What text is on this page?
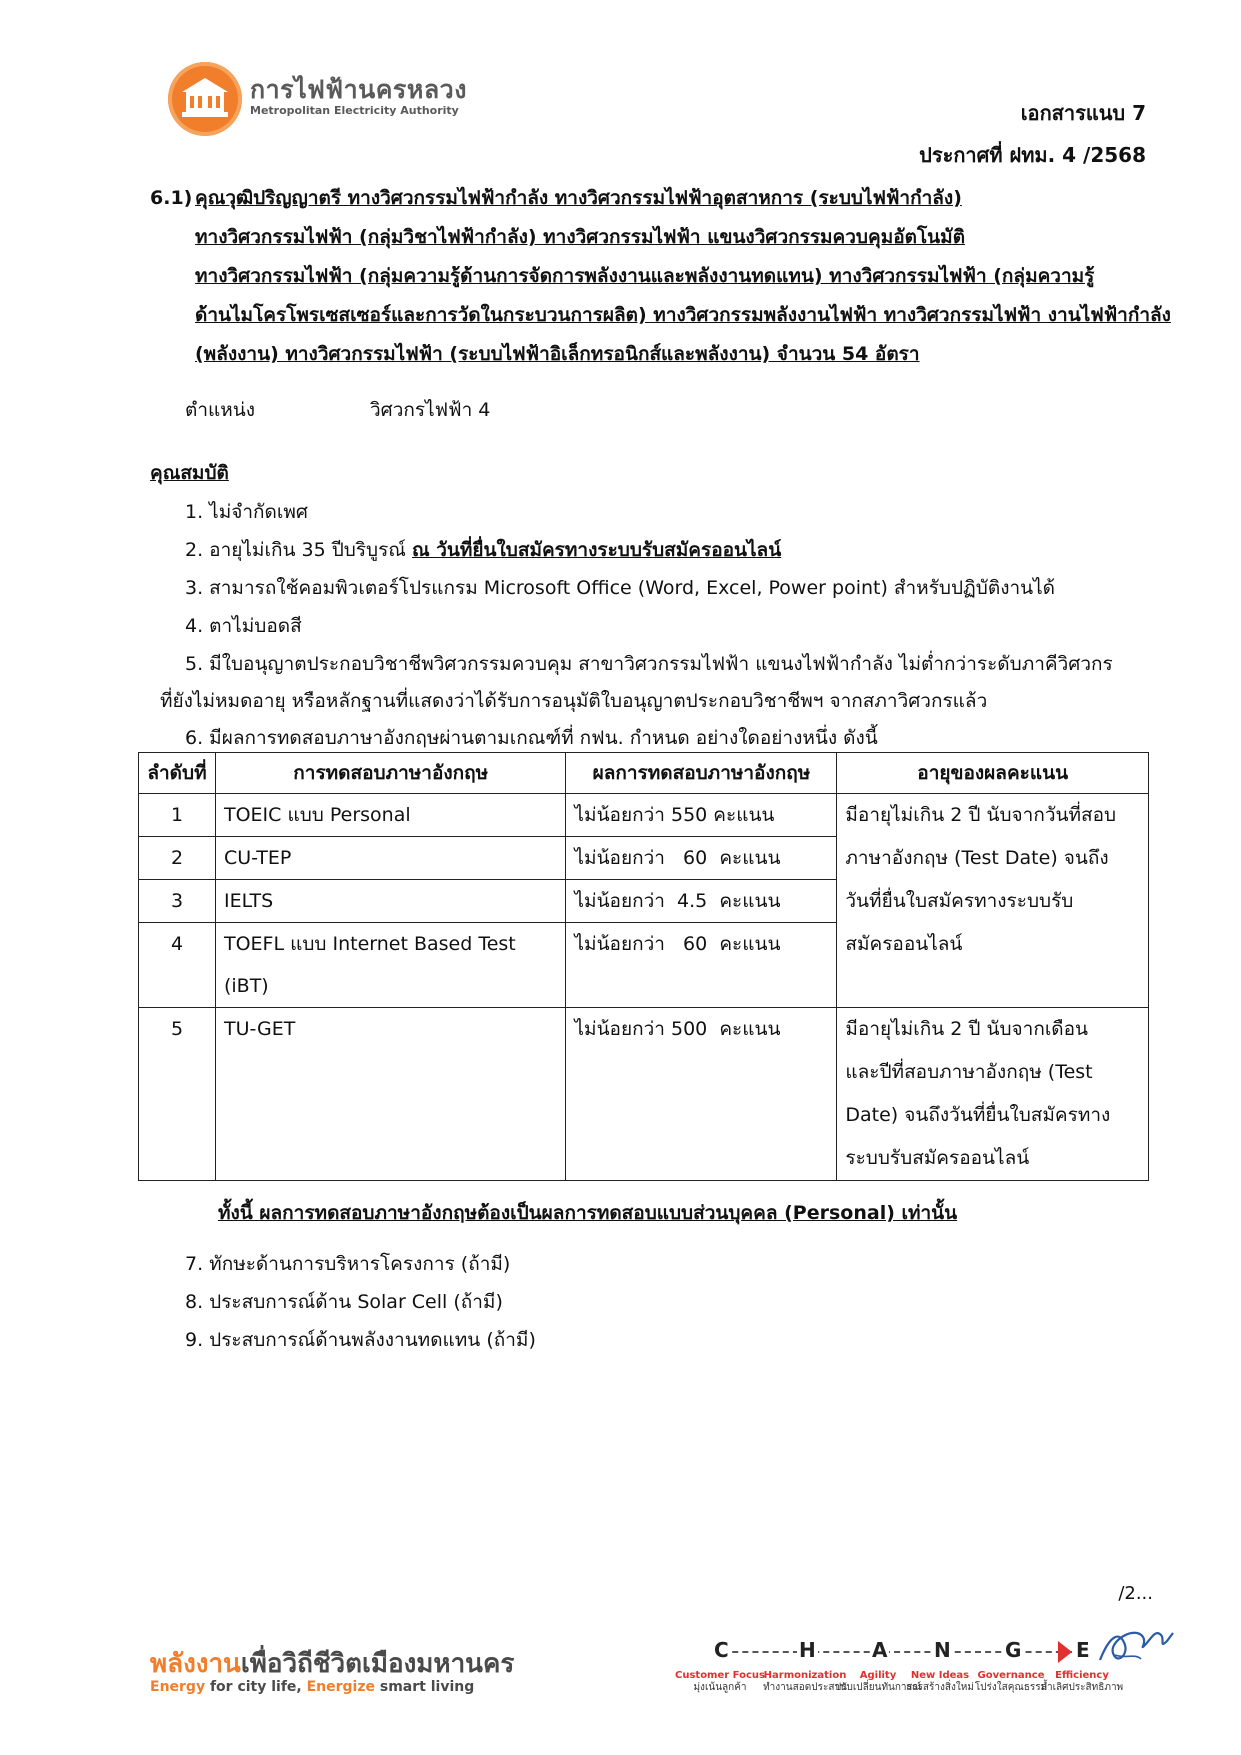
การไฟฟ้านครหลวง
Metropolitan Electricity Authority	เอกสารแนบ 7
ประกาศที่ ฝทม. 4 /2568
6.1) คุณวุฒิปริญญาตรี ทางวิศวกรรมไฟฟ้ากำลัง ทางวิศวกรรมไฟฟ้าอุตสาหการ (ระบบไฟฟ้ากำลัง)
ทางวิศวกรรมไฟฟ้า (กลุ่มวิชาไฟฟ้ากำลัง) ทางวิศวกรรมไฟฟ้า แขนงวิศวกรรมควบคุมอัตโนมัติ
ทางวิศวกรรมไฟฟ้า (กลุ่มความรู้ด้านการจัดการพลังงานและพลังงานทดแทน) ทางวิศวกรรมไฟฟ้า (กลุ่มความรู้
ด้านไมโครโพรเซสเซอร์และการวัดในกระบวนการผลิต) ทางวิศวกรรมพลังงานไฟฟ้า ทางวิศวกรรมไฟฟ้า งานไฟฟ้ากำลัง
(พลังงาน) ทางวิศวกรรมไฟฟ้า (ระบบไฟฟ้าอิเล็กทรอนิกส์และพลังงาน) จำนวน 54 อัตรา
ตำแหน่ง	วิศวกรไฟฟ้า 4
คุณสมบัติ
1. ไม่จำกัดเพศ
2. อายุไม่เกิน 35 ปีบริบูรณ์ ณ วันที่ยื่นใบสมัครทางระบบรับสมัครออนไลน์
3. สามารถใช้คอมพิวเตอร์โปรแกรม Microsoft Office (Word, Excel, Power point) สำหรับปฏิบัติงานได้
4. ตาไม่บอดสี
5. มีใบอนุญาตประกอบวิชาชีพวิศวกรรมควบคุม สาขาวิศวกรรมไฟฟ้า แขนงไฟฟ้ากำลัง ไม่ต่ำกว่าระดับภาคีวิศวกร
ที่ยังไม่หมดอายุ หรือหลักฐานที่แสดงว่าได้รับการอนุมัติใบอนุญาตประกอบวิชาชีพฯ จากสภาวิศวกรแล้ว
6. มีผลการทดสอบภาษาอังกฤษผ่านตามเกณฑ์ที่ กฟน. กำหนด อย่างใดอย่างหนึ่ง ดังนี้
ลำดับที่	การทดสอบภาษาอังกฤษ	ผลการทดสอบภาษาอังกฤษ	อายุของผลคะแนน
1	TOEIC แบบ Personal	ไม่น้อยกว่า 550 คะแนน	มีอายุไม่เกิน 2 ปี นับจากวันที่สอบ
ภาษาอังกฤษ (Test Date) จนถึง
วันที่ยื่นใบสมัครทางระบบรับ
สมัครออนไลน์

2	CU-TEP	ไม่น้อยกว่า   60  คะแนน	
3	IELTS	ไม่น้อยกว่า  4.5  คะแนน	
4	TOEFL แบบ Internet Based Test
(iBT)	ไม่น้อยกว่า   60  คะแนน	
5	TU-GET	ไม่น้อยกว่า 500  คะแนน	มีอายุไม่เกิน 2 ปี นับจากเดือน
และปีที่สอบภาษาอังกฤษ (Test
Date) จนถึงวันที่ยื่นใบสมัครทาง
ระบบรับสมัครออนไลน์
ทั้งนี้ ผลการทดสอบภาษาอังกฤษต้องเป็นผลการทดสอบแบบส่วนบุคคล (Personal) เท่านั้น
7. ทักษะด้านการบริหารโครงการ (ถ้ามี)
8. ประสบการณ์ด้าน Solar Cell (ถ้ามี)
9. ประสบการณ์ด้านพลังงานทดแทน (ถ้ามี)
/2...
พลังงานเพื่อวิถีชีวิตเมืองมหานคร
Energy for city life, Energize smart living
C	H	A N	G	E
Customer Focus
มุ่งเน้นลูกค้า
Harmonization
ทำงานสอดประสาน
Agility
ปรับเปลี่ยนทันการณ์
New Ideas
สรรสร้างสิ่งใหม่
Governance
โปร่งใสคุณธรรม
Efficiency
ล้ำเลิศประสิทธิภาพ
